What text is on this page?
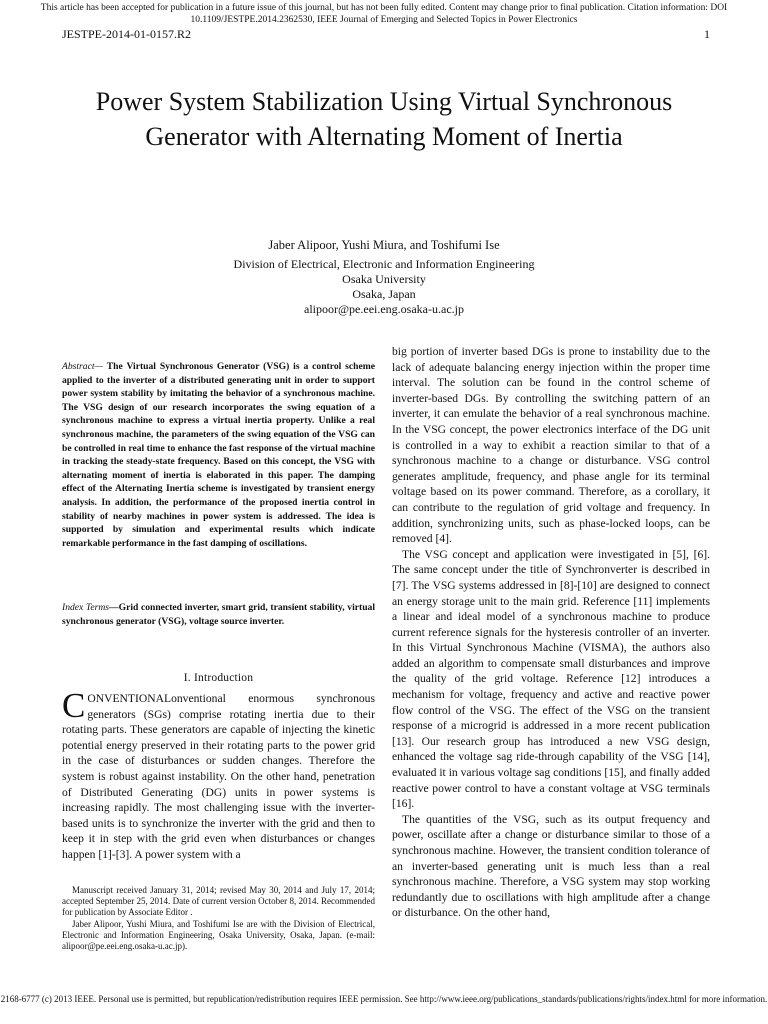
This article has been accepted for publication in a future issue of this journal, but has not been fully edited. Content may change prior to final publication. Citation information: DOI 10.1109/JESTPE.2014.2362530, IEEE Journal of Emerging and Selected Topics in Power Electronics
JESTPE-2014-01-0157.R2	1
Power System Stabilization Using Virtual Synchronous Generator with Alternating Moment of Inertia
Jaber Alipoor, Yushi Miura, and Toshifumi Ise
Division of Electrical, Electronic and Information Engineering
Osaka University
Osaka, Japan
alipoor@pe.eei.eng.osaka-u.ac.jp
Abstract— The Virtual Synchronous Generator (VSG) is a control scheme applied to the inverter of a distributed generating unit in order to support power system stability by imitating the behavior of a synchronous machine. The VSG design of our research incorporates the swing equation of a synchronous machine to express a virtual inertia property. Unlike a real synchronous machine, the parameters of the swing equation of the VSG can be controlled in real time to enhance the fast response of the virtual machine in tracking the steady-state frequency. Based on this concept, the VSG with alternating moment of inertia is elaborated in this paper. The damping effect of the Alternating Inertia scheme is investigated by transient energy analysis. In addition, the performance of the proposed inertia control in stability of nearby machines in power system is addressed. The idea is supported by simulation and experimental results which indicate remarkable performance in the fast damping of oscillations.
Index Terms—Grid connected inverter, smart grid, transient stability, virtual synchronous generator (VSG), voltage source inverter.
I. Introduction
C ONVENTIONALonventional enormous synchronous generators (SGs) comprise rotating inertia due to their rotating parts. These generators are capable of injecting the kinetic potential energy preserved in their rotating parts to the power grid in the case of disturbances or sudden changes. Therefore the system is robust against instability. On the other hand, penetration of Distributed Generating (DG) units in power systems is increasing rapidly. The most challenging issue with the inverter-based units is to synchronize the inverter with the grid and then to keep it in step with the grid even when disturbances or changes happen [1]-[3]. A power system with a

Manuscript received January 31, 2014; revised May 30, 2014 and July 17, 2014; accepted September 25, 2014. Date of current version October 8, 2014. Recommended for publication by Associate Editor .

Jaber Alipoor, Yushi Miura, and Toshifumi Ise are with the Division of Electrical, Electronic and Information Engineering, Osaka University, Osaka, Japan. (e-mail: alipoor@pe.eei.eng.osaka-u.ac.jp).

big portion of inverter based DGs is prone to instability due to the lack of adequate balancing energy injection within the proper time interval. The solution can be found in the control scheme of inverter-based DGs. By controlling the switching pattern of an inverter, it can emulate the behavior of a real synchronous machine. In the VSG concept, the power electronics interface of the DG unit is controlled in a way to exhibit a reaction similar to that of a synchronous machine to a change or disturbance. VSG control generates amplitude, frequency, and phase angle for its terminal voltage based on its power command. Therefore, as a corollary, it can contribute to the regulation of grid voltage and frequency. In addition, synchronizing units, such as phase-locked loops, can be removed [4].

The VSG concept and application were investigated in [5], [6]. The same concept under the title of Synchronverter is described in [7]. The VSG systems addressed in [8]-[10] are designed to connect an energy storage unit to the main grid. Reference [11] implements a linear and ideal model of a synchronous machine to produce current reference signals for the hysteresis controller of an inverter. In this Virtual Synchronous Machine (VISMA), the authors also added an algorithm to compensate small disturbances and improve the quality of the grid voltage. Reference [12] introduces a mechanism for voltage, frequency and active and reactive power flow control of the VSG. The effect of the VSG on the transient response of a microgrid is addressed in a more recent publication [13]. Our research group has introduced a new VSG design, enhanced the voltage sag ride-through capability of the VSG [14], evaluated it in various voltage sag conditions [15], and finally added reactive power control to have a constant voltage at VSG terminals [16].

The quantities of the VSG, such as its output frequency and power, oscillate after a change or disturbance similar to those of a synchronous machine. However, the transient condition tolerance of an inverter-based generating unit is much less than a real synchronous machine. Therefore, a VSG system may stop working redundantly due to oscillations with high amplitude after a change or disturbance. On the other hand,

2168-6777 (c) 2013 IEEE. Personal use is permitted, but republication/redistribution requires IEEE permission. See http://www.ieee.org/publications_standards/publications/rights/index.html for more information.
